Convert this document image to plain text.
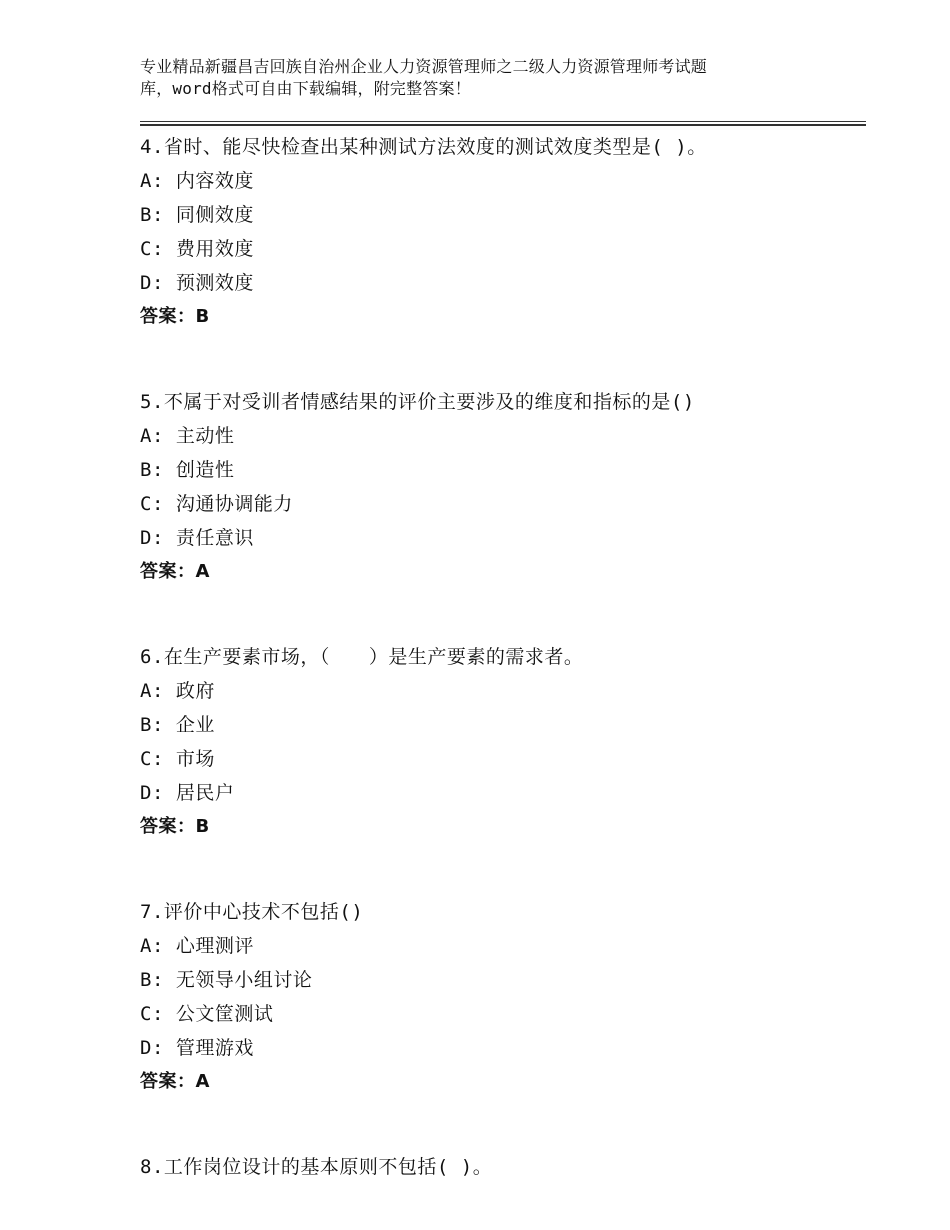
专业精品新疆昌吉回族自治州企业人力资源管理师之二级人力资源管理师考试题
库，word格式可自由下载编辑，附完整答案！
4.省时、能尽快检查出某种测试方法效度的测试效度类型是( )。
A: 内容效度
B: 同侧效度
C: 费用效度
D: 预测效度
答案：B
5.不属于对受训者情感结果的评价主要涉及的维度和指标的是()
A: 主动性
B: 创造性
C: 沟通协调能力
D: 责任意识
答案：A
6.在生产要素市场，（　　）是生产要素的需求者。
A: 政府
B: 企业
C: 市场
D: 居民户
答案：B
7.评价中心技术不包括()
A: 心理测评
B: 无领导小组讨论
C: 公文筐测试
D: 管理游戏
答案：A
8.工作岗位设计的基本原则不包括( )。
